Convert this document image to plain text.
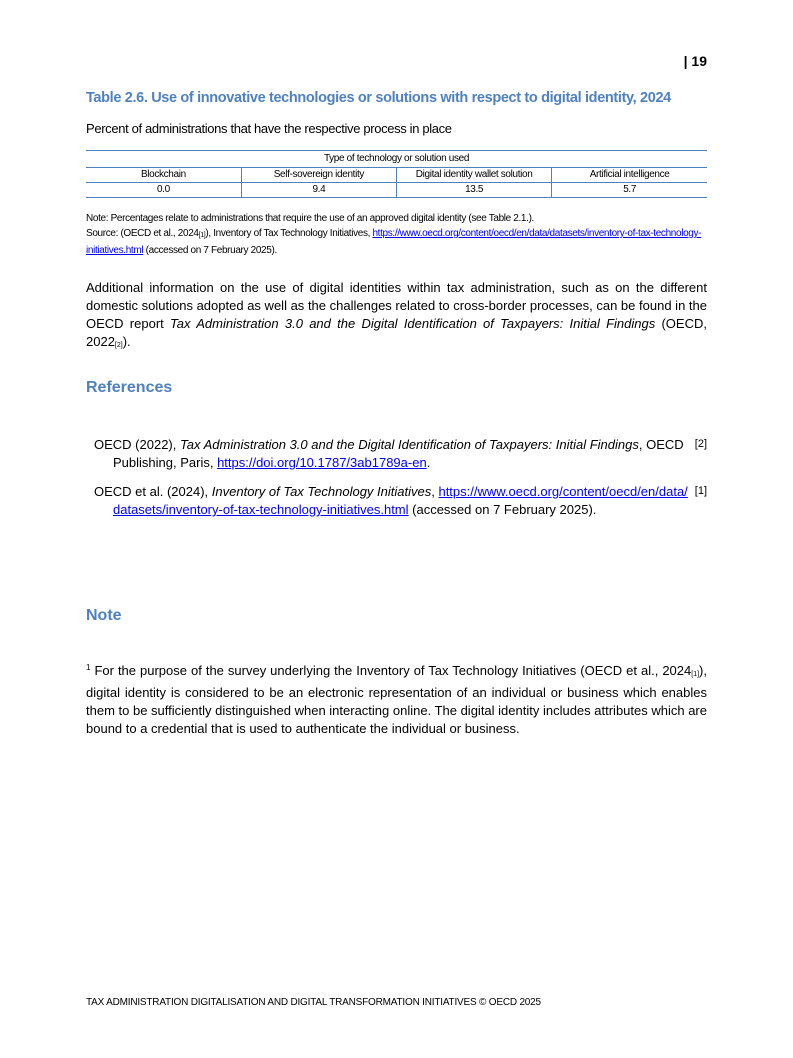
| 19
Table 2.6. Use of innovative technologies or solutions with respect to digital identity, 2024
Percent of administrations that have the respective process in place
Type of technology or solution used			
Blockchain	Self-sovereign identity	Digital identity wallet solution	Artificial intelligence
0.0	9.4	13.5	5.7
Note: Percentages relate to administrations that require the use of an approved digital identity (see Table 2.1.).
Source: (OECD et al., 2024[1]), Inventory of Tax Technology Initiatives, https://www.oecd.org/content/oecd/en/data/datasets/inventory-of-tax-technology-initiatives.html (accessed on 7 February 2025).
Additional information on the use of digital identities within tax administration, such as on the different domestic solutions adopted as well as the challenges related to cross-border processes, can be found in the OECD report Tax Administration 3.0 and the Digital Identification of Taxpayers: Initial Findings (OECD, 2022[2]).
References
OECD (2022), Tax Administration 3.0 and the Digital Identification of Taxpayers: Initial Findings, OECD Publishing, Paris, https://doi.org/10.1787/3ab1789a-en.
[2]
OECD et al. (2024), Inventory of Tax Technology Initiatives, https://www.oecd.org/content/oecd/en/data/datasets/inventory-of-tax-technology-initiatives.html (accessed on 7 February 2025).
[1]
Note
$^1$ For the purpose of the survey underlying the Inventory of Tax Technology Initiatives (OECD et al., 2024[1]), digital identity is considered to be an electronic representation of an individual or business which enables them to be sufficiently distinguished when interacting online. The digital identity includes attributes which are bound to a credential that is used to authenticate the individual or business.
TAX ADMINISTRATION DIGITALISATION AND DIGITAL TRANSFORMATION INITIATIVES © OECD 2025
